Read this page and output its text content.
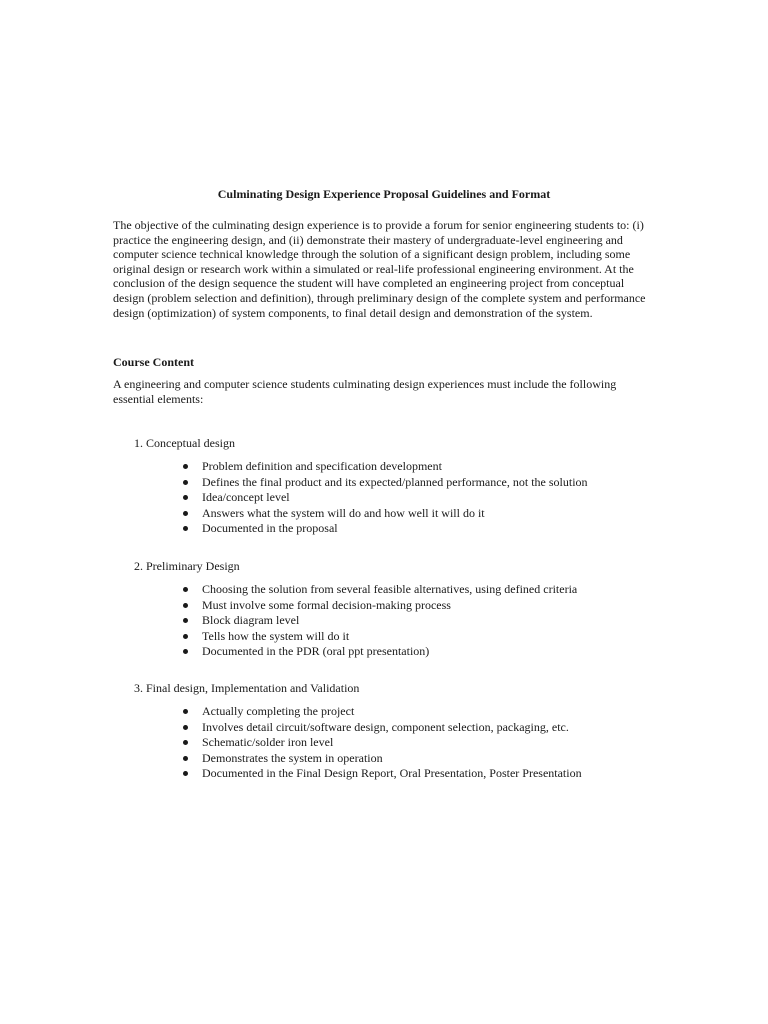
Culminating Design Experience Proposal Guidelines and Format
The objective of the culminating design experience is to provide a forum for senior engineering students to: (i) practice the engineering design, and (ii) demonstrate their mastery of undergraduate-level engineering and computer science technical knowledge through the solution of a significant design problem, including some original design or research work within a simulated or real-life professional engineering environment. At the conclusion of the design sequence the student will have completed an engineering project from conceptual design (problem selection and definition), through preliminary design of the complete system and performance design (optimization) of system components, to final detail design and demonstration of the system.
Course Content
A engineering and computer science students culminating design experiences must include the following essential elements:
1. Conceptual design
Problem definition and specification development
Defines the final product and its expected/planned performance, not the solution
Idea/concept level
Answers what the system will do and how well it will do it
Documented in the proposal
2. Preliminary Design
Choosing the solution from several feasible alternatives, using defined criteria
Must involve some formal decision-making process
Block diagram level
Tells how the system will do it
Documented in the PDR (oral ppt presentation)
3. Final design, Implementation and Validation
Actually completing the project
Involves detail circuit/software design, component selection, packaging, etc.
Schematic/solder iron level
Demonstrates the system in operation
Documented in the Final Design Report, Oral Presentation, Poster Presentation
